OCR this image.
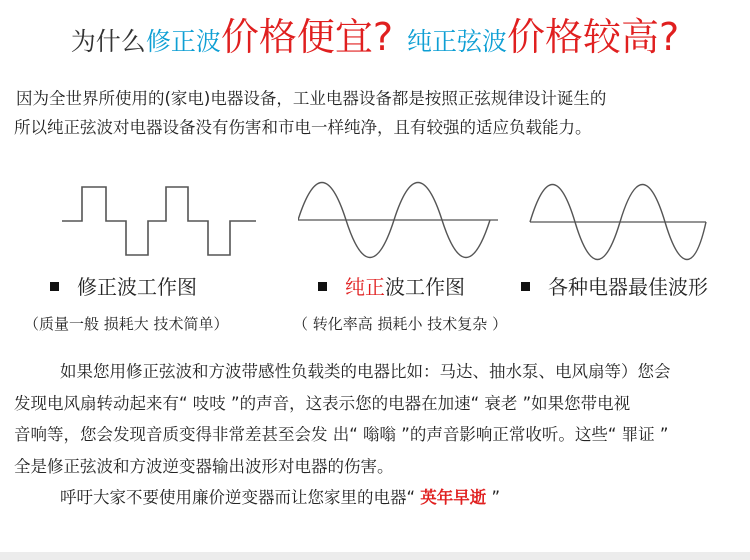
为什么修正波价格便宜? 纯正弦波价格较高?
因为全世界所使用的(家电)电器设备，工业电器设备都是按照正弦规律设计诞生的
所以纯正弦波对电器设备没有伤害和市电一样纯净，且有较强的适应负载能力。
修正波工作图	纯正波工作图	各种电器最佳波形
（质量一般 损耗大 技术简单）	（ 转化率高 损耗小 技术复杂 ）
如果您用修正弦波和方波带感性负载类的电器比如：马达、抽水泵、电风扇等）您会
发现电风扇转动起来有“ 吱吱 ”的声音，这表示您的电器在加速“ 衰老 ”如果您带电视
音响等，您会发现音质变得非常差甚至会发 出“ 嗡嗡 ”的声音影响正常收听。这些“ 罪证 ”
全是修正弦波和方波逆变器输出波形对电器的伤害。
呼吁大家不要使用廉价逆变器而让您家里的电器“ 英年早逝 ”
